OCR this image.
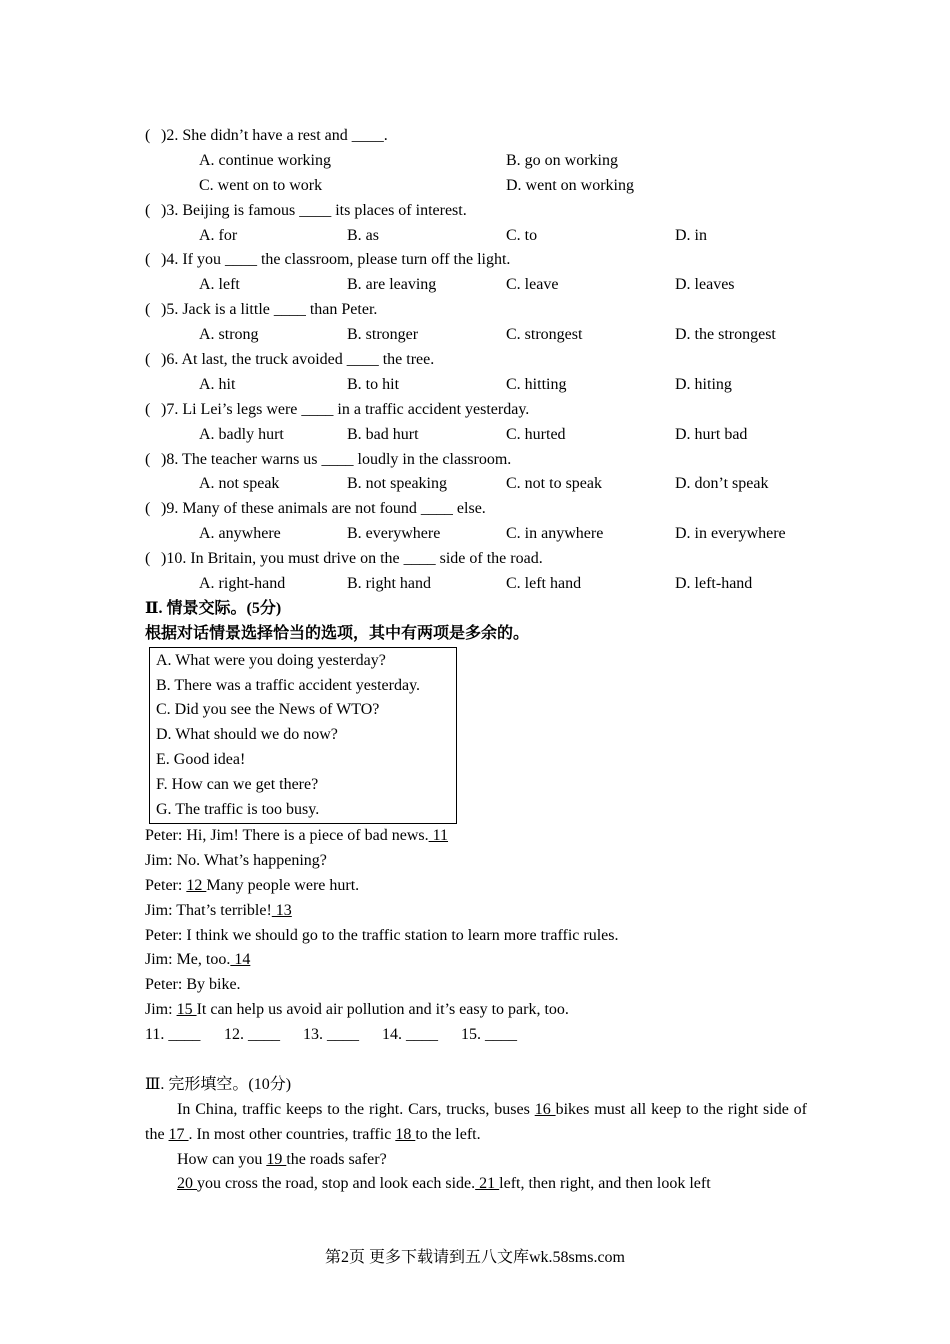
( )2. She didn’t have a rest and ____.
A. continue working	B. go on working
C. went on to work	D. went on working
( )3. Beijing is famous ____ its places of interest.
A. for	B. as	C. to	D. in
( )4. If you ____ the classroom, please turn off the light.
A. left	B. are leaving	C. leave	D. leaves
( )5. Jack is a little ____ than Peter.
A. strong	B. stronger	C. strongest	D. the strongest
( )6. At last, the truck avoided ____ the tree.
A. hit	B. to hit	C. hitting	D. hiting
( )7. Li Lei’s legs were ____ in a traffic accident yesterday.
A. badly hurt	B. bad hurt	C. hurted	D. hurt bad
( )8. The teacher warns us ____ loudly in the classroom.
A. not speak	B. not speaking	C. not to speak	D. don’t speak
( )9. Many of these animals are not found ____ else.
A. anywhere	B. everywhere	C. in anywhere	D. in everywhere
( )10. In Britain, you must drive on the ____ side of the road.
A. right-hand	B. right hand	C. left hand	D. left-hand
Ⅱ. 情景交际。(5分)
根据对话情景选择恰当的选项，其中有两项是多余的。
A. What were you doing yesterday?
B. There was a traffic accident yesterday.
C. Did you see the News of WTO?
D. What should we do now?
E. Good idea!
F. How can we get there?
G. The traffic is too busy.
Peter: Hi, Jim! There is a piece of bad news. 11
Jim: No. What’s happening?
Peter: 12 Many people were hurt.
Jim: That’s terrible! 13
Peter: I think we should go to the traffic station to learn more traffic rules.
Jim: Me, too. 14
Peter: By bike.
Jim: 15 It can help us avoid air pollution and it’s easy to park, too.
11. ____ 12. ____ 13. ____ 14. ____ 15. ____
Ⅲ. 完形填空。(10分)
In China, traffic keeps to the right. Cars, trucks, buses 16 bikes must all keep to the right side of the 17 . In most other countries, traffic 18 to the left.
How can you 19 the roads safer?
20 you cross the road, stop and look each side. 21 left, then right, and then look left
第2页 更多下载请到五八文库wk.58sms.com
